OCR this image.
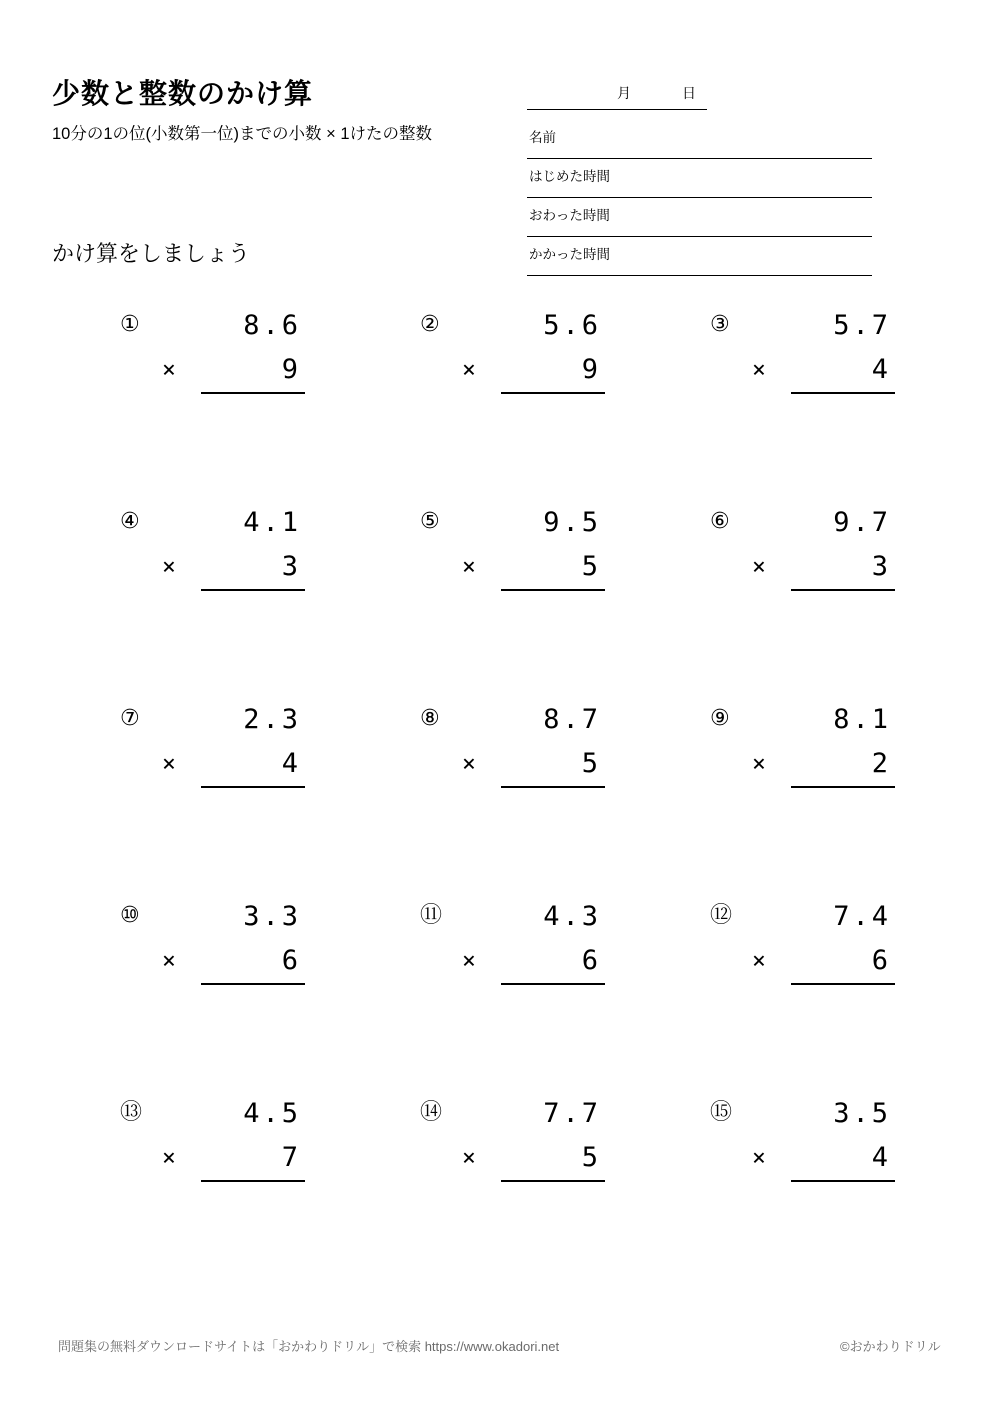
少数と整数のかけ算
10分の1の位(小数第一位)までの小数 × 1けたの整数
かけ算をしましょう
月	日
名前
はじめた時間
おわった時間
かかった時間
①	8.6
×	9
②	5.6
×	9
③	5.7
×	4
④	4.1
×	3
⑤	9.5
×	5
⑥	9.7
×	3
⑦	2.3
×	4
⑧	8.7
×	5
⑨	8.1
×	2
⑩	3.3
×	6
⑪	4.3
×	6
⑫	7.4
×	6
⑬	4.5
×	7
⑭	7.7
×	5
⑮	3.5
×	4
問題集の無料ダウンロードサイトは「おかわりドリル」で検索 https://www.okadori.net	©おかわりドリル
